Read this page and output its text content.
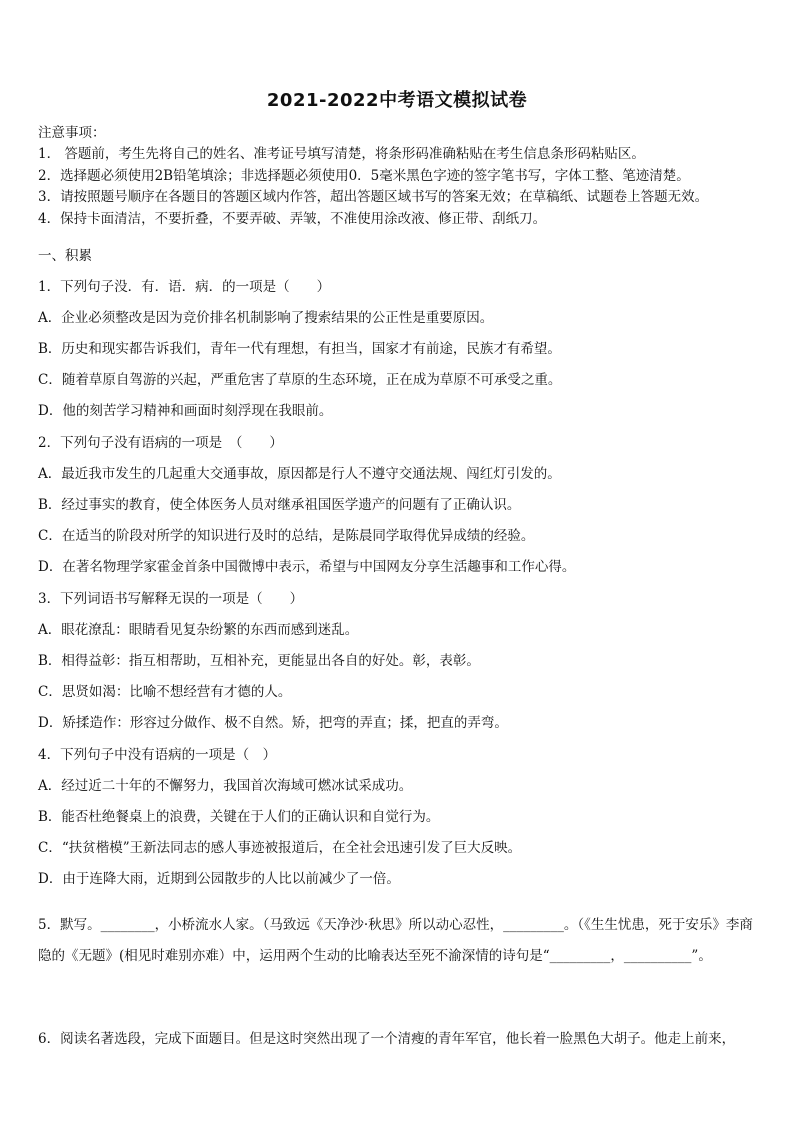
2021-2022中考语文模拟试卷
注意事项：
1． 答题前，考生先将自己的姓名、准考证号填写清楚，将条形码准确粘贴在考生信息条形码粘贴区。
2．选择题必须使用2B铅笔填涂；非选择题必须使用0．5毫米黑色字迹的签字笔书写，字体工整、笔迹清楚。
3．请按照题号顺序在各题目的答题区域内作答，超出答题区域书写的答案无效；在草稿纸、试题卷上答题无效。
4．保持卡面清洁，不要折叠，不要弄破、弄皱，不准使用涂改液、修正带、刮纸刀。
一、积累
1．下列句子没．有．语．病．的一项是（　　）
A．企业必须整改是因为竞价排名机制影响了搜索结果的公正性是重要原因。
B．历史和现实都告诉我们，青年一代有理想，有担当，国家才有前途，民族才有希望。
C．随着草原自驾游的兴起，严重危害了草原的生态环境，正在成为草原不可承受之重。
D．他的刻苦学习精神和画面时刻浮现在我眼前。
2．下列句子没有语病的一项是　（　　）
A．最近我市发生的几起重大交通事故，原因都是行人不遵守交通法规、闯红灯引发的。
B．经过事实的教育，使全体医务人员对继承祖国医学遗产的问题有了正确认识。
C．在适当的阶段对所学的知识进行及时的总结，是陈晨同学取得优异成绩的经验。
D．在著名物理学家霍金首条中国微博中表示，希望与中国网友分享生活趣事和工作心得。
3．下列词语书写解释无误的一项是（　　）
A．眼花潦乱：眼睛看见复杂纷繁的东西而感到迷乱。
B．相得益彰：指互相帮助，互相补充，更能显出各自的好处。彰，表彰。
C．思贤如渴：比喻不想经营有才德的人。
D．矫揉造作：形容过分做作、极不自然。矫，把弯的弄直；揉，把直的弄弯。
4．下列句子中没有语病的一项是（　）
A．经过近二十年的不懈努力，我国首次海域可燃冰试采成功。
B．能否杜绝餐桌上的浪费，关键在于人们的正确认识和自觉行为。
C．“扶贫楷模”王新法同志的感人事迹被报道后，在全社会迅速引发了巨大反映。
D．由于连降大雨，近期到公园散步的人比以前减少了一倍。
5．默写。________，小桥流水人家。（马致远《天净沙·秋思》所以动心忍性，_________。（《生生忧患，死于安乐》李商隐的《无题》(相见时难别亦难）中，运用两个生动的比喻表达至死不渝深情的诗句是“_________，__________”。
6．阅读名著选段，完成下面题目。但是这时突然出现了一个清瘦的青年军官，他长着一脸黑色大胡子。他走上前来，
